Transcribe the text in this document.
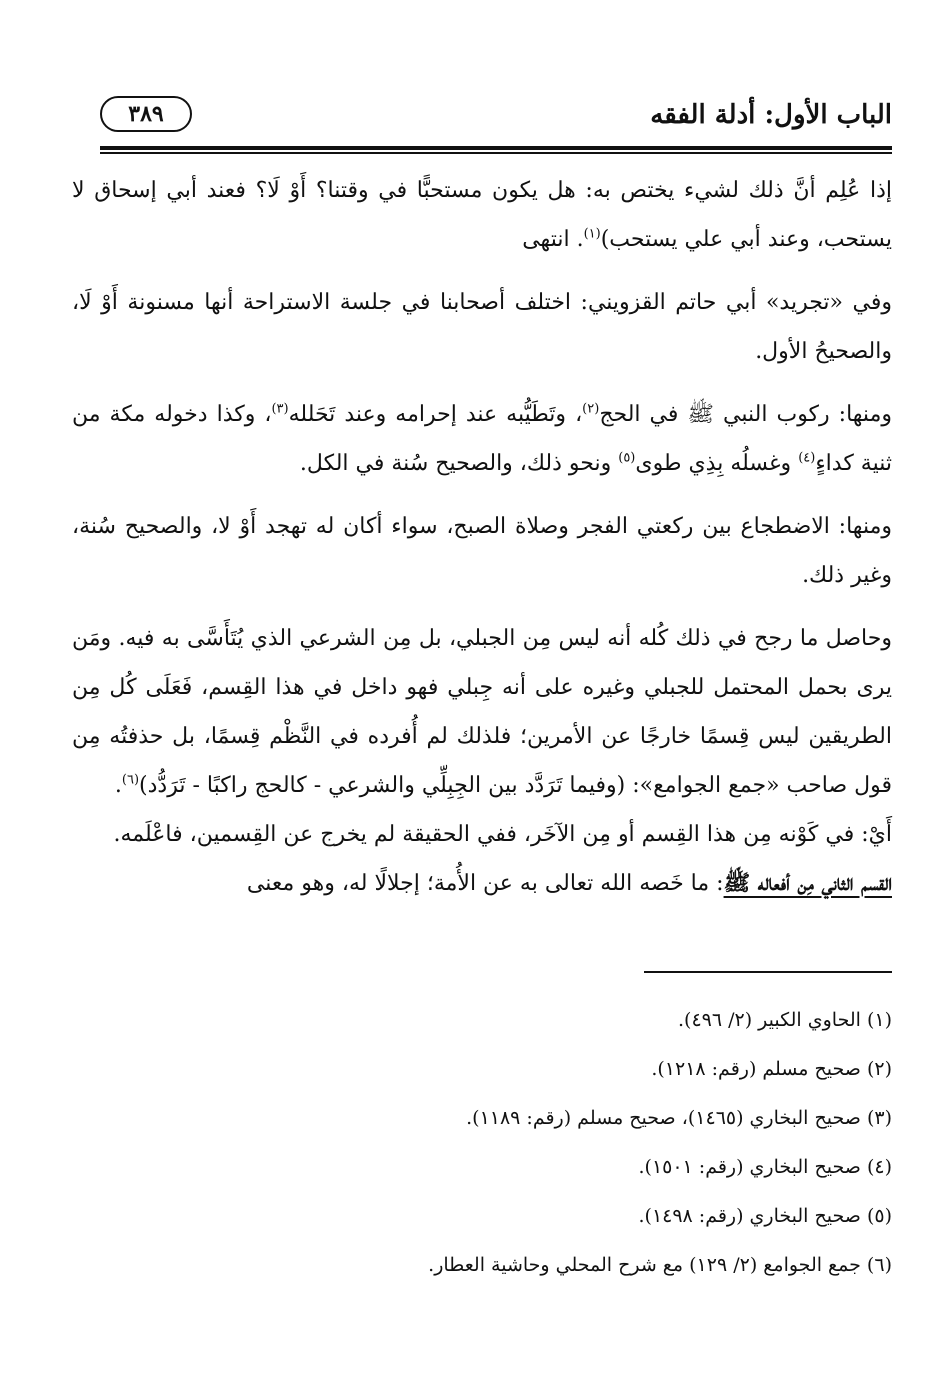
الباب الأول: أدلة الفقه
٣٨٩

إذا عُلِم أنَّ ذلك لشيء يختص به: هل يكون مستحبًّا في وقتنا؟ أَوْ لَا؟ فعند أبي إسحاق لا يستحب، وعند أبي علي يستحب)$^{(١)}$. انتهى

وفي «تجريد» أبي حاتم القزويني: اختلف أصحابنا في جلسة الاستراحة أنها مسنونة أَوْ لَا، والصحيحُ الأول.

ومنها: ركوب النبي ﷺ في الحج$^{(٢)}$، وتَطَيُّبه عند إحرامه وعند تَحَلله$^{(٣)}$، وكذا دخوله مكة من ثنية كداءٍ$^{(٤)}$ وغسلُه بِذِي طوى$^{(٥)}$ ونحو ذلك، والصحيح سُنة في الكل.

ومنها: الاضطجاع بين ركعتي الفجر وصلاة الصبح، سواء أكان له تهجد أَوْ لا، والصحيح سُنة، وغير ذلك.

وحاصل ما رجح في ذلك كُله أنه ليس مِن الجبلي، بل مِن الشرعي الذي يُتَأَسَّى به فيه. ومَن يرى بحمل المحتمل للجبلي وغيره على أنه جِبلي فهو داخل في هذا القِسم، فَعَلَى كُل مِن الطريقين ليس قِسمًا خارجًا عن الأمرين؛ فلذلك لم أُفرده في النَّظْم قِسمًا، بل حذفتُه مِن قول صاحب «جمع الجوامع»: (وفيما تَرَدَّد بين الجِبِلِّي والشرعي - كالحج راكبًا - تَرَدُّد)$^{(٦)}$.

أَيْ: في كَوْنه مِن هذا القِسم أو مِن الآخَر، ففي الحقيقة لم يخرج عن القِسمين، فاعْلَمه.

القسم الثاني مِن أفعاله ﷺ: ما خَصه الله تعالى به عن الأُمة؛ إجلالًا له، وهو معنى

(١) الحاوي الكبير (٢/ ٤٩٦).
(٢) صحيح مسلم (رقم: ١٢١٨).
(٣) صحيح البخاري (١٤٦٥)، صحيح مسلم (رقم: ١١٨٩).
(٤) صحيح البخاري (رقم: ١٥٠١).
(٥) صحيح البخاري (رقم: ١٤٩٨).
(٦) جمع الجوامع (٢/ ١٢٩) مع شرح المحلي وحاشية العطار.
